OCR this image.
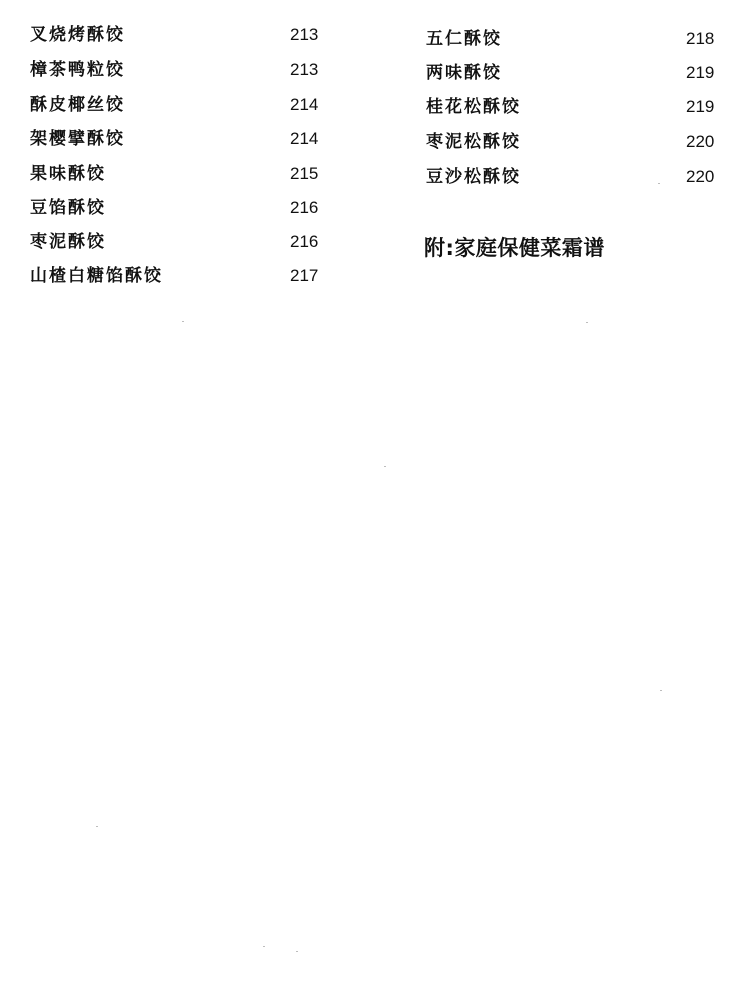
叉烧烤酥饺	213
樟茶鸭粒饺	213
酥皮椰丝饺	214
架樱擘酥饺	214
果味酥饺	215
豆馅酥饺	216
枣泥酥饺	216
山楂白糖馅酥饺	217
五仁酥饺	218
两味酥饺	219
桂花松酥饺	219
枣泥松酥饺	220
豆沙松酥饺	220
附:家庭保健菜霜谱
